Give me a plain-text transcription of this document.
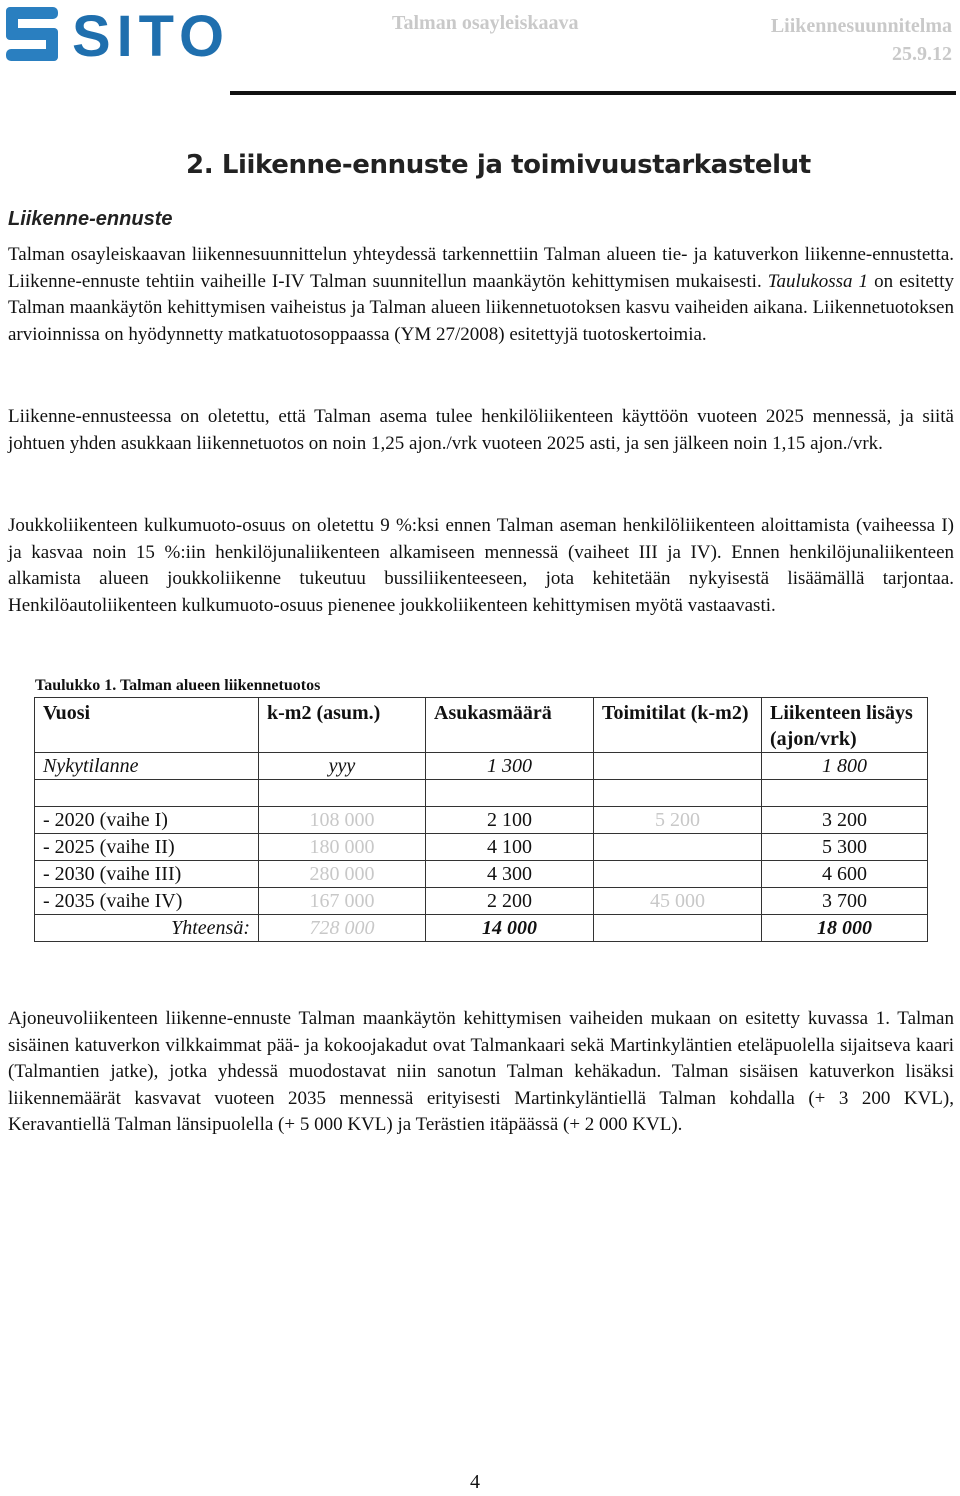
SITO	Talman osayleiskaava	Liikennesuunnitelma
25.9.12
2. Liikenne-ennuste ja toimivuustarkastelut
Liikenne-ennuste

Talman osayleiskaavan liikennesuunnittelun yhteydessä tarkennettiin Talman alueen tie- ja katuverkon liikenne-ennustetta. Liikenne-ennuste tehtiin vaiheille I-IV Talman suunnitellun maankäytön kehittymisen mukaisesti. Taulukossa 1 on esitetty Talman maankäytön kehittymisen vaiheistus ja Talman alueen liikennetuotoksen kasvu vaiheiden aikana. Liikennetuotoksen arvioinnissa on hyödynnetty matkatuotosoppaassa (YM 27/2008) esitettyjä tuotoskertoimia.

Liikenne-ennusteessa on oletettu, että Talman asema tulee henkilöliikenteen käyttöön vuoteen 2025 mennessä, ja siitä johtuen yhden asukkaan liikennetuotos on noin 1,25 ajon./vrk vuoteen 2025 asti, ja sen jälkeen noin 1,15 ajon./vrk.

Joukkoliikenteen kulkumuoto-osuus on oletettu 9 %:ksi ennen Talman aseman henkilöliikenteen aloittamista (vaiheessa I) ja kasvaa noin 15 %:iin henkilöjunaliikenteen alkamiseen mennessä (vaiheet III ja IV). Ennen henkilöjunaliikenteen alkamista alueen joukkoliikenne tukeutuu bussiliikenteeseen, jota kehitetään nykyisestä lisäämällä tarjontaa. Henkilöautoliikenteen kulkumuoto-osuus pienenee joukkoliikenteen kehittymisen myötä vastaavasti.

Taulukko 1. Talman alueen liikennetuotos
Vuosi	k-m2 (asum.)	Asukasmäärä	Toimitilat (k-m2)	Liikenteen lisäys (ajon/vrk)
Nykytilanne	yyy	1 300		1 800

- 2020 (vaihe I)	108 000	2 100	5 200	3 200
- 2025 (vaihe II)	180 000	4 100		5 300
- 2030 (vaihe III)	280 000	4 300		4 600
- 2035 (vaihe IV)	167 000	2 200	45 000	3 700
Yhteensä:	728 000	14 000		18 000

Ajoneuvoliikenteen liikenne-ennuste Talman maankäytön kehittymisen vaiheiden mukaan on esitetty kuvassa 1. Talman sisäinen katuverkon vilkkaimmat pää- ja kokoojakadut ovat Talmankaari sekä Martinkyläntien eteläpuolella sijaitseva kaari (Talmantien jatke), jotka yhdessä muodostavat niin sanotun Talman kehäkadun. Talman sisäisen katuverkon lisäksi liikennemäärät kasvavat vuoteen 2035 mennessä erityisesti Martinkyläntiellä Talman kohdalla (+ 3 200 KVL), Keravantiellä Talman länsipuolella (+ 5 000 KVL) ja Terästien itäpäässä (+ 2 000 KVL).

4
